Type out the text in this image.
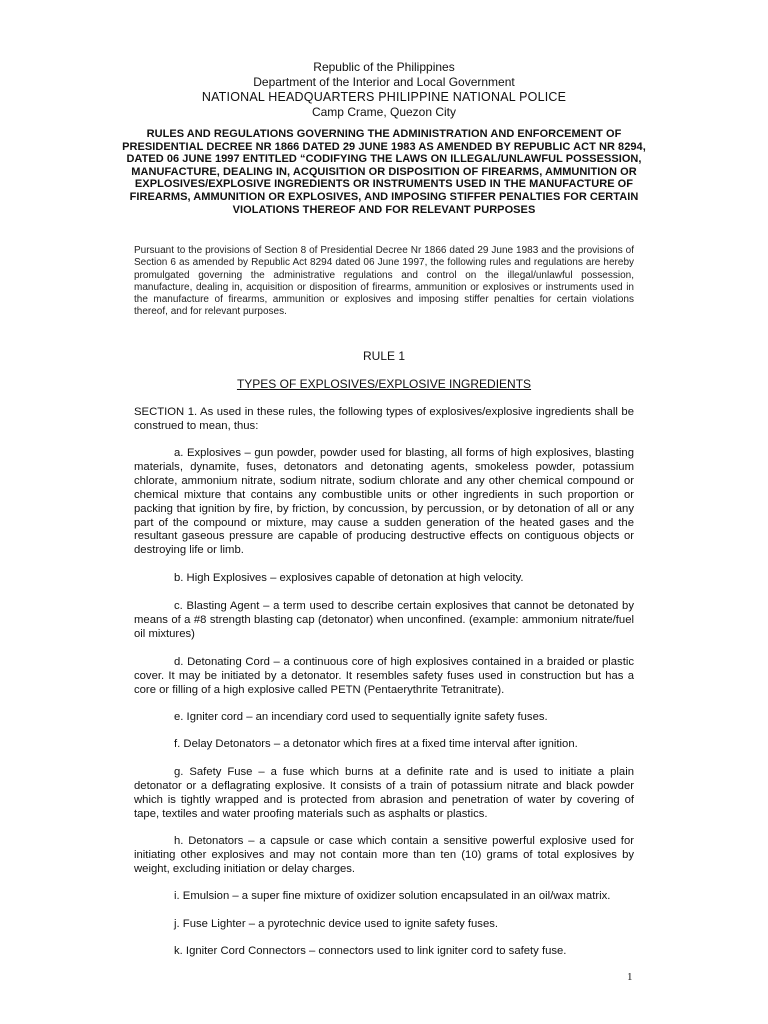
Republic of the Philippines
Department of the Interior and Local Government
NATIONAL HEADQUARTERS PHILIPPINE NATIONAL POLICE
Camp Crame, Quezon City
RULES AND REGULATIONS GOVERNING THE ADMINISTRATION AND ENFORCEMENT OF PRESIDENTIAL DECREE NR 1866 DATED 29 JUNE 1983 AS AMENDED BY REPUBLIC ACT NR 8294, DATED 06 JUNE 1997 ENTITLED “CODIFYING THE LAWS ON ILLEGAL/UNLAWFUL POSSESSION, MANUFACTURE, DEALING IN, ACQUISITION OR DISPOSITION OF FIREARMS, AMMUNITION OR EXPLOSIVES/EXPLOSIVE INGREDIENTS OR INSTRUMENTS USED IN THE MANUFACTURE OF FIREARMS, AMMUNITION OR EXPLOSIVES, AND IMPOSING STIFFER PENALTIES FOR CERTAIN VIOLATIONS THEREOF AND FOR RELEVANT PURPOSES
Pursuant to the provisions of Section 8 of Presidential Decree Nr 1866 dated 29 June 1983 and the provisions of Section 6 as amended by Republic Act 8294 dated 06 June 1997, the following rules and regulations are hereby promulgated governing the administrative regulations and control on the illegal/unlawful possession, manufacture, dealing in, acquisition or disposition of firearms, ammunition or explosives or instruments used in the manufacture of firearms, ammunition or explosives and imposing stiffer penalties for certain violations thereof, and for relevant purposes.
RULE 1
TYPES OF EXPLOSIVES/EXPLOSIVE INGREDIENTS
SECTION 1. As used in these rules, the following types of explosives/explosive ingredients shall be construed to mean, thus:
a. Explosives – gun powder, powder used for blasting, all forms of high explosives, blasting materials, dynamite, fuses, detonators and detonating agents, smokeless powder, potassium chlorate, ammonium nitrate, sodium nitrate, sodium chlorate and any other chemical compound or chemical mixture that contains any combustible units or other ingredients in such proportion or packing that ignition by fire, by friction, by concussion, by percussion, or by detonation of all or any part of the compound or mixture, may cause a sudden generation of the heated gases and the resultant gaseous pressure are capable of producing destructive effects on contiguous objects or destroying life or limb.
b. High Explosives – explosives capable of detonation at high velocity.
c. Blasting Agent – a term used to describe certain explosives that cannot be detonated by means of a #8 strength blasting cap (detonator) when unconfined. (example: ammonium nitrate/fuel oil mixtures)
d. Detonating Cord – a continuous core of high explosives contained in a braided or plastic cover. It may be initiated by a detonator. It resembles safety fuses used in construction but has a core or filling of a high explosive called PETN (Pentaerythrite Tetranitrate).
e. Igniter cord – an incendiary cord used to sequentially ignite safety fuses.
f. Delay Detonators – a detonator which fires at a fixed time interval after ignition.
g. Safety Fuse – a fuse which burns at a definite rate and is used to initiate a plain detonator or a deflagrating explosive. It consists of a train of potassium nitrate and black powder which is tightly wrapped and is protected from abrasion and penetration of water by covering of tape, textiles and water proofing materials such as asphalts or plastics.
h. Detonators – a capsule or case which contain a sensitive powerful explosive used for initiating other explosives and may not contain more than ten (10) grams of total explosives by weight, excluding initiation or delay charges.
i. Emulsion – a super fine mixture of oxidizer solution encapsulated in an oil/wax matrix.
j. Fuse Lighter – a pyrotechnic device used to ignite safety fuses.
k. Igniter Cord Connectors – connectors used to link igniter cord to safety fuse.
1
